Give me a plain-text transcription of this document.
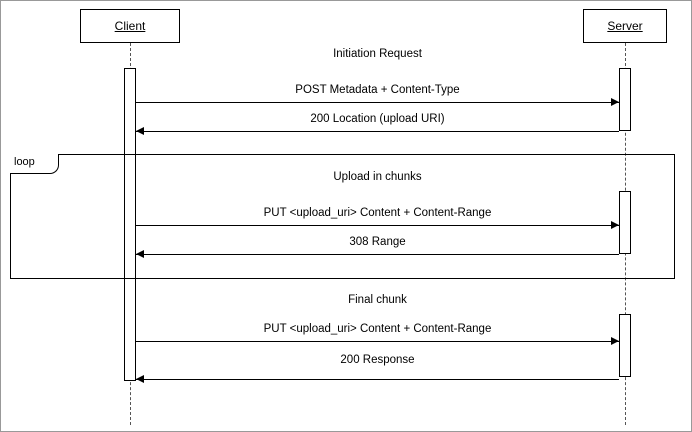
Client	Server
Initiation Request
POST Metadata + Content-Type
200 Location (upload URI)
loop
Upload in chunks
PUT <upload_uri> Content + Content-Range
308 Range
Final chunk
PUT <upload_uri> Content + Content-Range
200 Response
